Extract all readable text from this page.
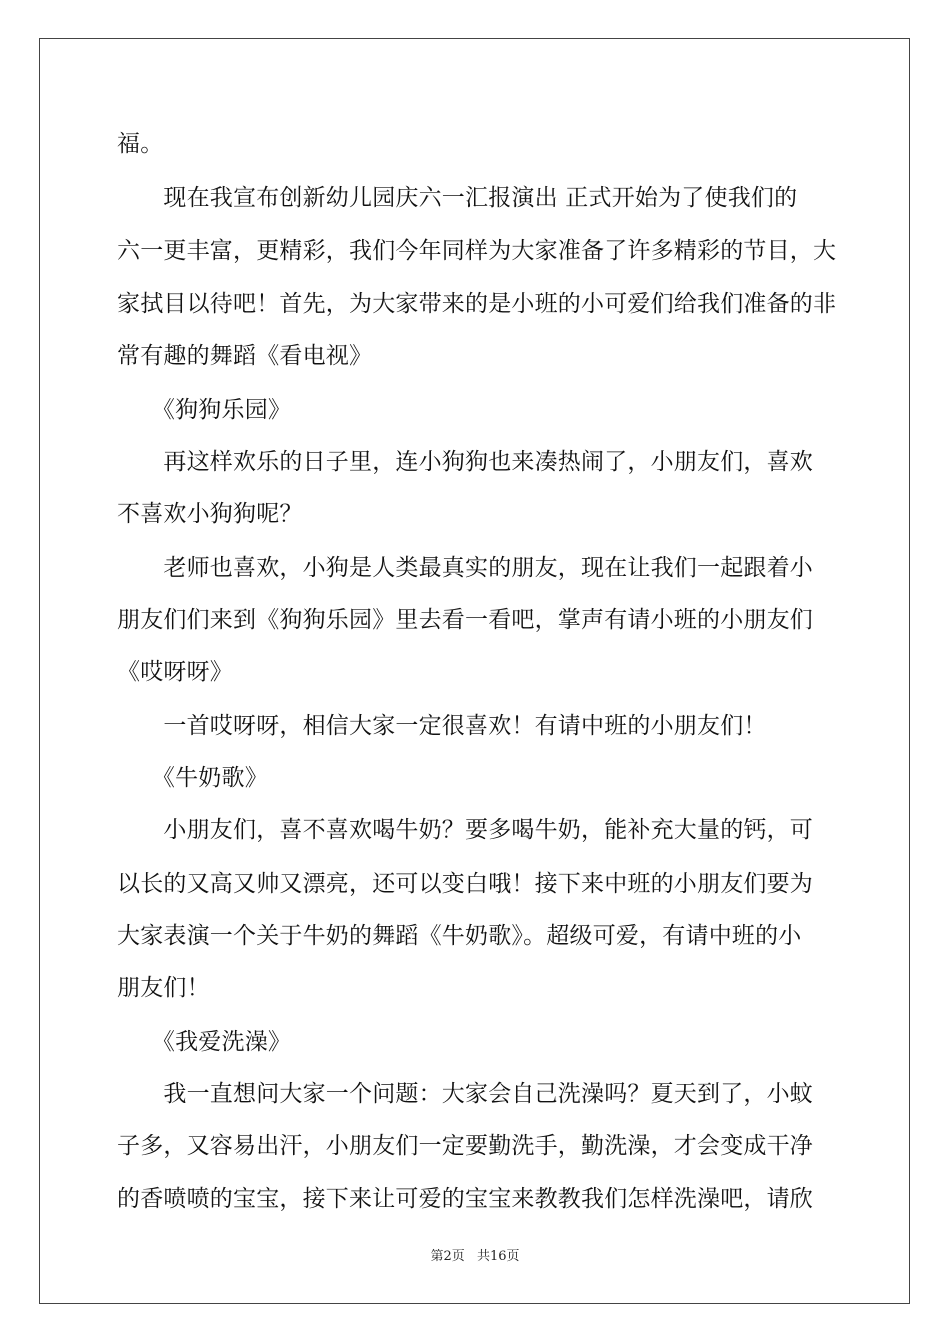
福。
　　现在我宣布创新幼儿园庆六一汇报演出 正式开始为了使我们的
六一更丰富，更精彩，我们今年同样为大家准备了许多精彩的节目，大
家拭目以待吧！首先，为大家带来的是小班的小可爱们给我们准备的非
常有趣的舞蹈《看电视》
　　《狗狗乐园》
　　再这样欢乐的日子里，连小狗狗也来凑热闹了，小朋友们，喜欢
不喜欢小狗狗呢？
　　老师也喜欢，小狗是人类最真实的朋友，现在让我们一起跟着小
朋友们们来到《狗狗乐园》里去看一看吧，掌声有请小班的小朋友们
《哎呀呀》
　　一首哎呀呀，相信大家一定很喜欢！有请中班的小朋友们！
　　《牛奶歌》
　　小朋友们，喜不喜欢喝牛奶？要多喝牛奶，能补充大量的钙，可
以长的又高又帅又漂亮，还可以变白哦！接下来中班的小朋友们要为
大家表演一个关于牛奶的舞蹈《牛奶歌》。超级可爱，有请中班的小
朋友们！
　　《我爱洗澡》
　　我一直想问大家一个问题：大家会自己洗澡吗？夏天到了，小蚊
子多，又容易出汗，小朋友们一定要勤洗手，勤洗澡，才会变成干净
的香喷喷的宝宝，接下来让可爱的宝宝来教教我们怎样洗澡吧，请欣
第2页 共16页
